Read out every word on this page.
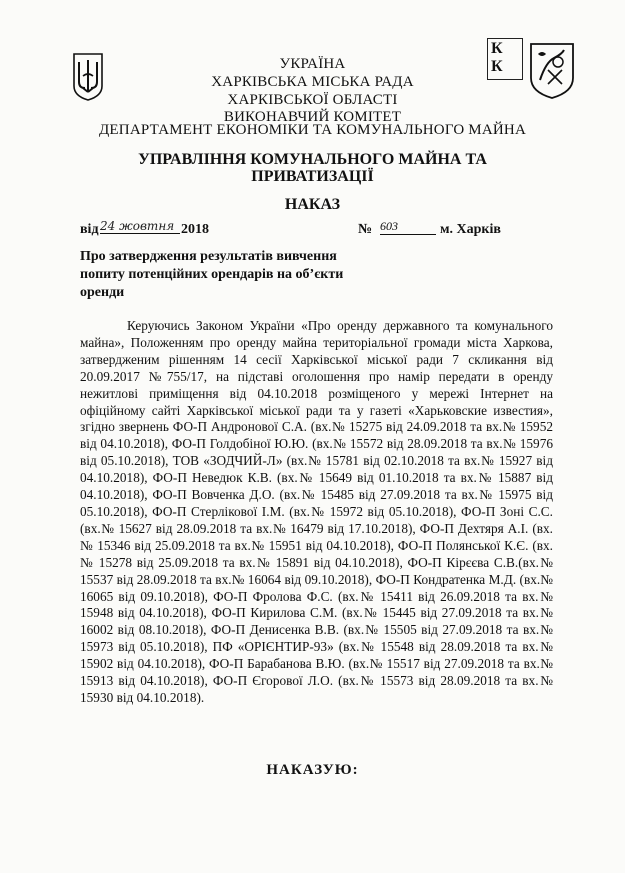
К
К
УКРАЇНА
ХАРКІВСЬКА МІСЬКА РАДА
ХАРКІВСЬКОЇ ОБЛАСТІ
ВИКОНАВЧИЙ КОМІТЕТ
ДЕПАРТАМЕНТ ЕКОНОМІКИ ТА КОМУНАЛЬНОГО МАЙНА
УПРАВЛІННЯ КОМУНАЛЬНОГО МАЙНА ТА
ПРИВАТИЗАЦІЇ
НАКАЗ
від 24 жовтня 2018	№ 603	м. Харків
Про затвердження результатів вивчення попиту потенційних орендарів на об’єкти оренди

Керуючись Законом України «Про оренду державного та комунального майна», Положенням про оренду майна територіальної громади міста Харкова, затвердженим рішенням 14 сесії Харківської міської ради 7 скликання від 20.09.2017 №755/17, на підставі оголошення про намір передати в оренду нежитлові приміщення від 04.10.2018 розміщеного у мережі Інтернет на офіційному сайті Харківської міської ради та у газеті «Харьковские известия», згідно звернень ФО-П Андронової С.А. (вх.№ 15275 від 24.09.2018 та вх.№ 15952 від 04.10.2018), ФО-П Голдобіної Ю.Ю. (вх.№ 15572 від 28.09.2018 та вх.№ 15976 від 05.10.2018), ТОВ «ЗОДЧИЙ-Л» (вх.№ 15781 від 02.10.2018 та вх.№ 15927 від 04.10.2018), ФО-П Неведюк К.В. (вх.№ 15649 від 01.10.2018 та вх.№ 15887 від 04.10.2018), ФО-П Вовченка Д.О. (вх.№ 15485 від 27.09.2018 та вх.№ 15975 від 05.10.2018), ФО-П Стерлікової І.М. (вх.№ 15972 від 05.10.2018), ФО-П Зоні С.С. (вх.№ 15627 від 28.09.2018 та вх.№ 16479 від 17.10.2018), ФО-П Дехтяря А.І. (вх.№ 15346 від 25.09.2018 та вх.№ 15951 від 04.10.2018), ФО-П Полянської К.Є. (вх.№ 15278 від 25.09.2018 та вх.№ 15891 від 04.10.2018), ФО-П Кірєєва С.В.(вх.№ 15537 від 28.09.2018 та вх.№ 16064 від 09.10.2018), ФО-П Кондратенка М.Д. (вх.№ 16065 від 09.10.2018), ФО-П Фролова Ф.С. (вх.№ 15411 від 26.09.2018 та вх.№ 15948 від 04.10.2018), ФО-П Кирилова С.М. (вх.№ 15445 від 27.09.2018 та вх.№ 16002 від 08.10.2018), ФО-П Денисенка В.В. (вх.№ 15505 від 27.09.2018 та вх.№ 15973 від 05.10.2018), ПФ «ОРІЄНТИР-93» (вх.№ 15548 від 28.09.2018 та вх.№ 15902 від 04.10.2018), ФО-П Барабанова В.Ю. (вх.№ 15517 від 27.09.2018 та вх.№ 15913 від 04.10.2018), ФО-П Єгорової Л.О. (вх.№ 15573 від 28.09.2018 та вх.№ 15930 від 04.10.2018).

НАКАЗУЮ:
